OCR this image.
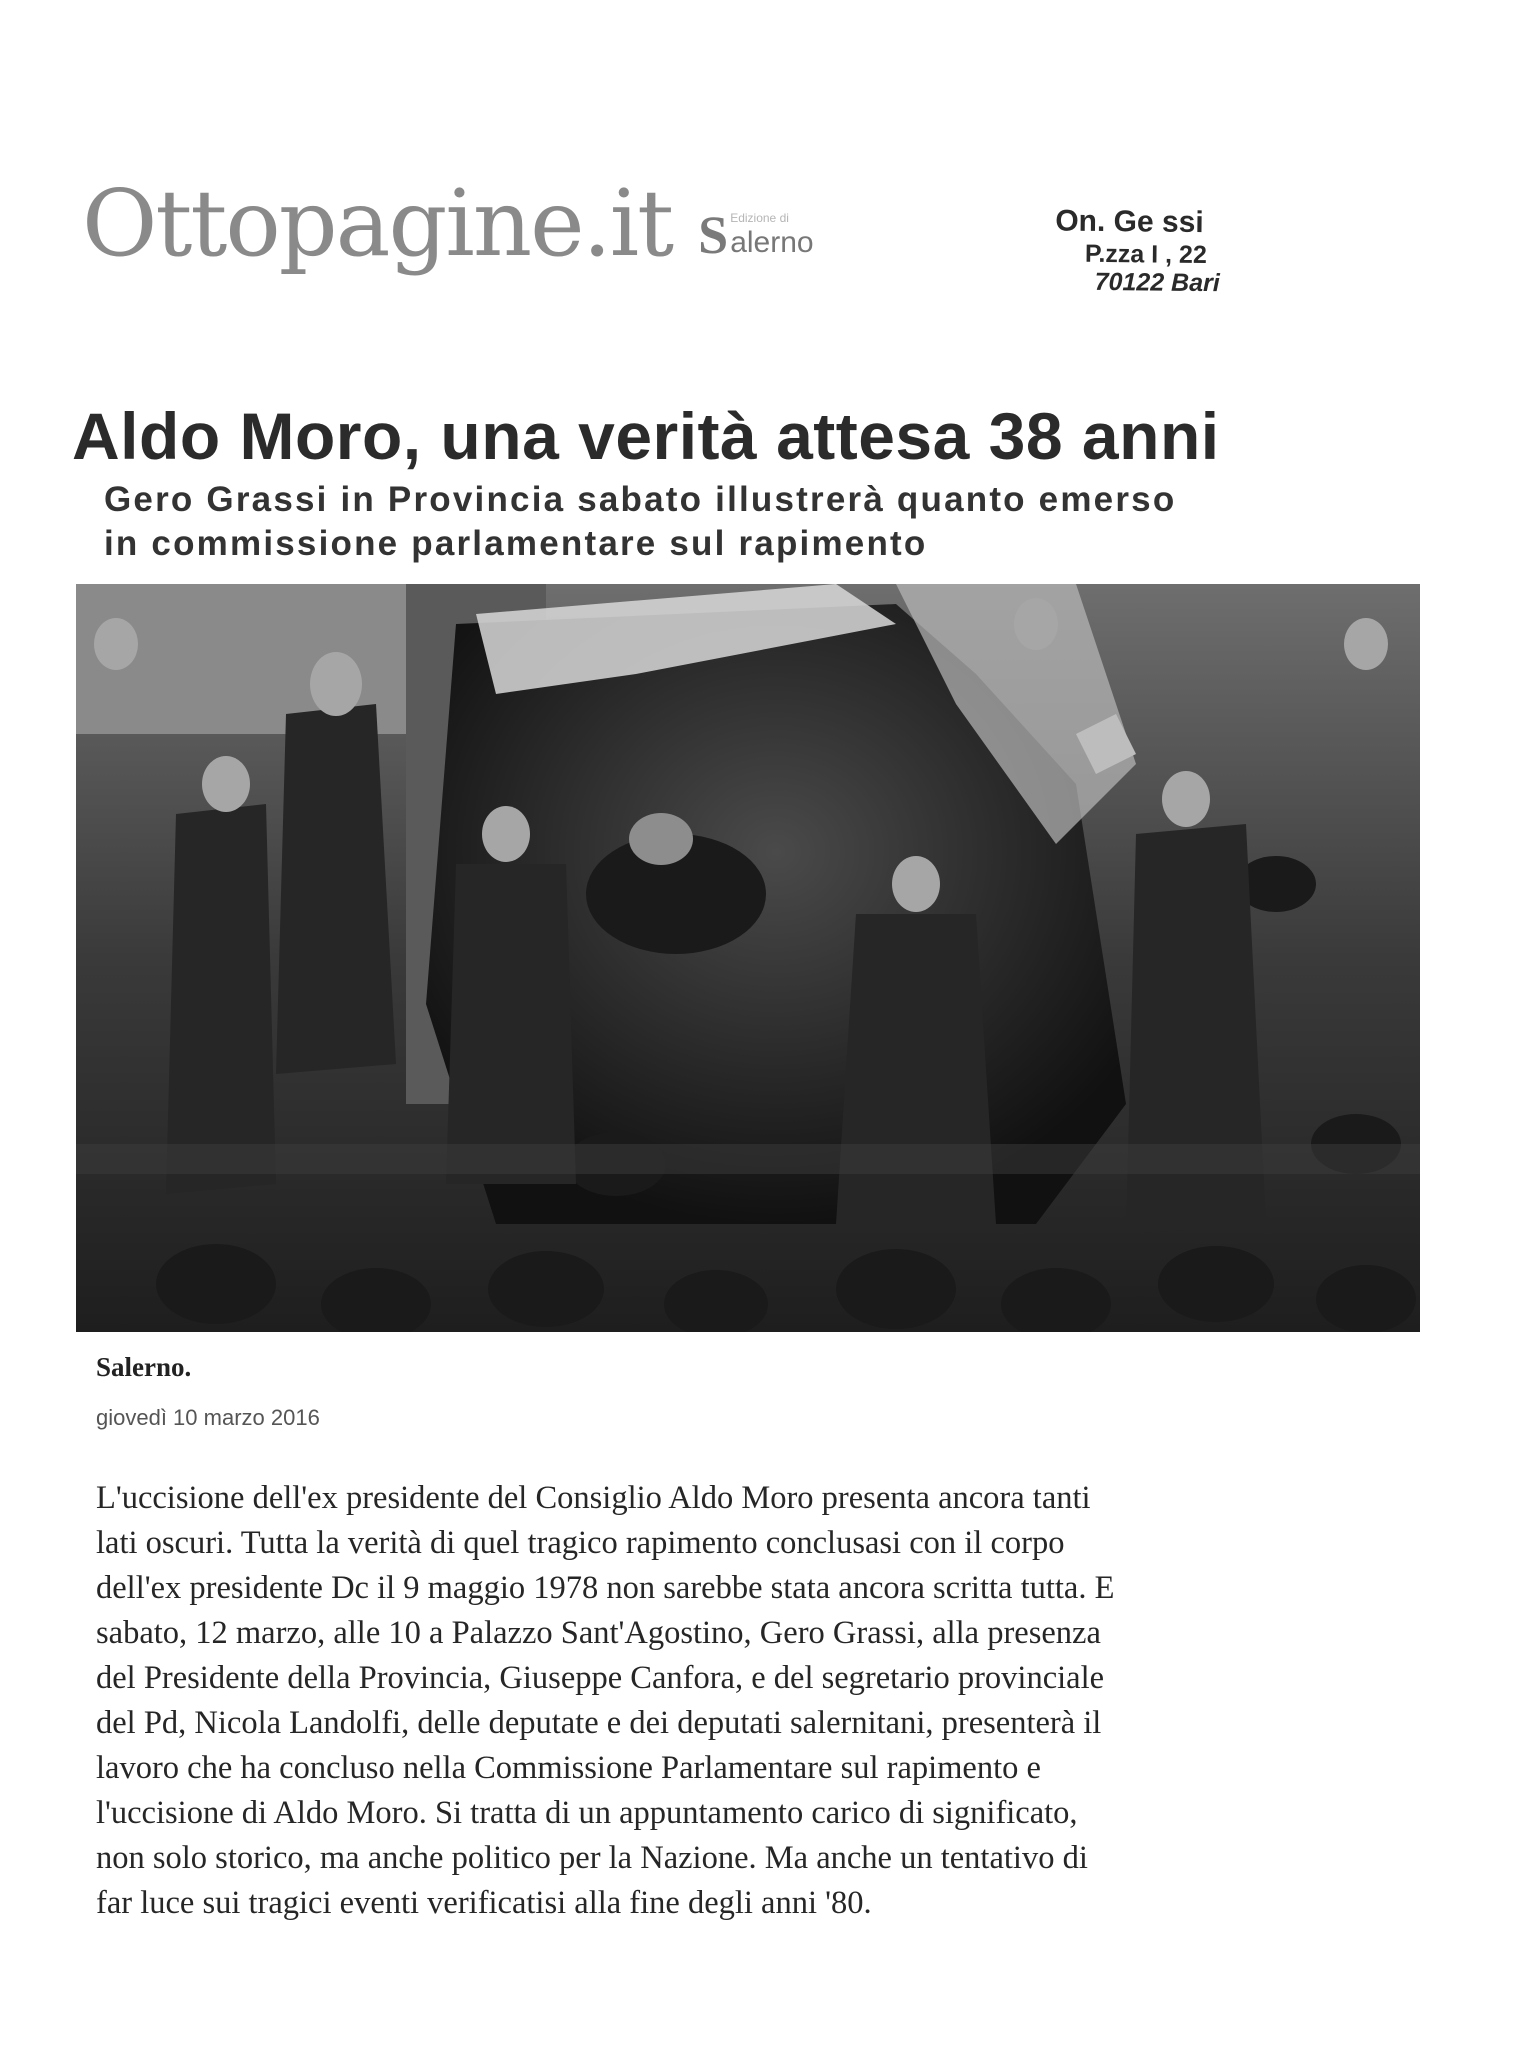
Ottopagine.it S Edizione di
alerno
On. Ge ssi
P.zza I , 22
70122 Bari
Aldo Moro, una verità attesa 38 anni
Gero Grassi in Provincia sabato illustrerà quanto emerso
in commissione parlamentare sul rapimento
Salerno.
giovedì 10 marzo 2016
L'uccisione dell'ex presidente del Consiglio Aldo Moro presenta ancora tanti
lati oscuri. Tutta la verità di quel tragico rapimento conclusasi con il corpo
dell'ex presidente Dc il 9 maggio 1978 non sarebbe stata ancora scritta tutta. E
sabato, 12 marzo, alle 10 a Palazzo Sant'Agostino, Gero Grassi, alla presenza
del Presidente della Provincia, Giuseppe Canfora, e del segretario provinciale
del Pd, Nicola Landolfi, delle deputate e dei deputati salernitani, presenterà il
lavoro che ha concluso nella Commissione Parlamentare sul rapimento e
l'uccisione di Aldo Moro. Si tratta di un appuntamento carico di significato,
non solo storico, ma anche politico per la Nazione. Ma anche un tentativo di
far luce sui tragici eventi verificatisi alla fine degli anni '80.
